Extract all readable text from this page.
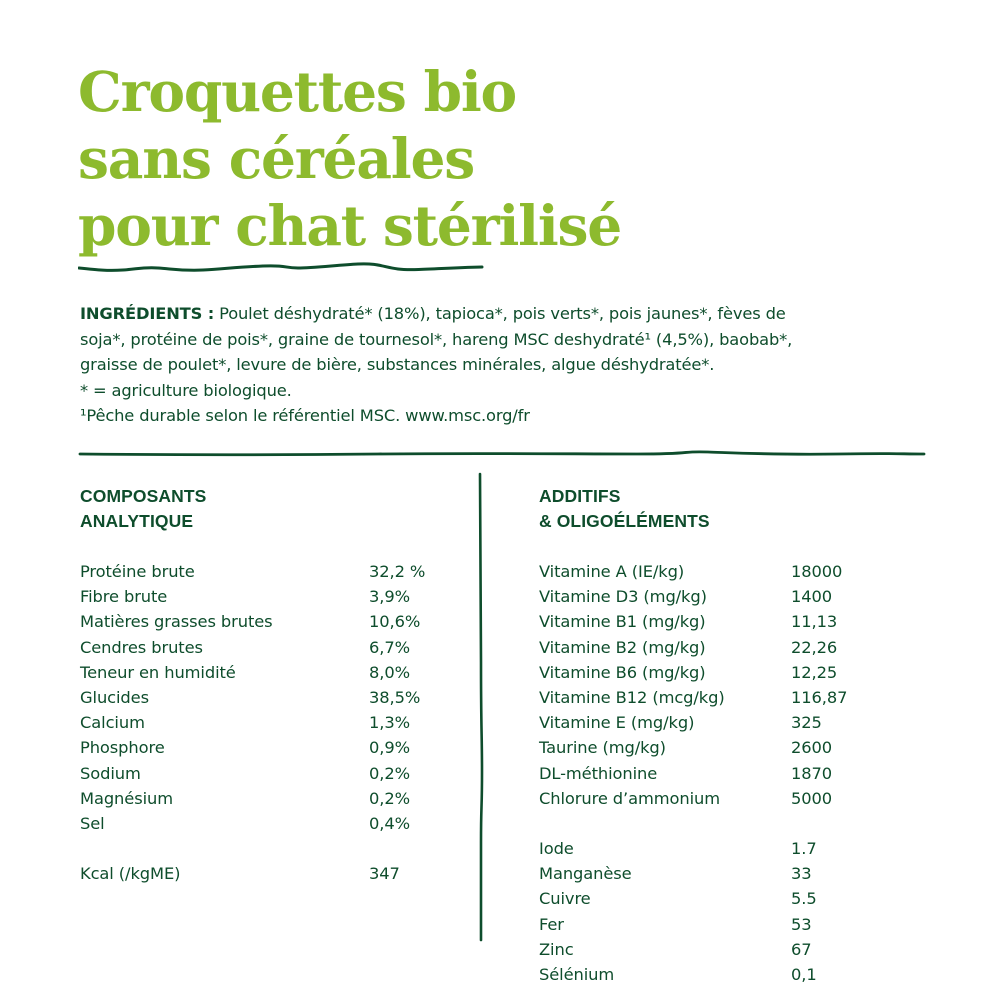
Croquettes bio
sans céréales
pour chat stérilisé

INGRÉDIENTS : Poulet déshydraté* (18%), tapioca*, pois verts*, pois jaunes*, fèves de

soja*, protéine de pois*, graine de tournesol*, hareng MSC deshydraté¹ (4,5%), baobab*,

graisse de poulet*, levure de bière, substances minérales, algue déshydratée*.

* = agriculture biologique.

¹Pêche durable selon le référentiel MSC. www.msc.org/fr

COMPOSANTS
ANALYTIQUE
ADDITIFS
& OLIGOÉLÉMENTS
Protéine brute	32,2 %
Fibre brute	3,9%
Matières grasses brutes	10,6%
Cendres brutes	6,7%
Teneur en humidité	8,0%
Glucides	38,5%
Calcium	1,3%
Phosphore	0,9%
Sodium	0,2%
Magnésium	0,2%
Sel	0,4%
Kcal (/kgME)	347
Vitamine A (IE/kg)	18000
Vitamine D3 (mg/kg)	1400
Vitamine B1 (mg/kg)	11,13
Vitamine B2 (mg/kg)	22,26
Vitamine B6 (mg/kg)	12,25
Vitamine B12 (mcg/kg)	116,87
Vitamine E (mg/kg)	325
Taurine (mg/kg)	2600
DL-méthionine	1870
Chlorure d’ammonium	5000
Iode	1.7
Manganèse	33
Cuivre	5.5
Fer	53
Zinc	67
Sélénium	0,1
